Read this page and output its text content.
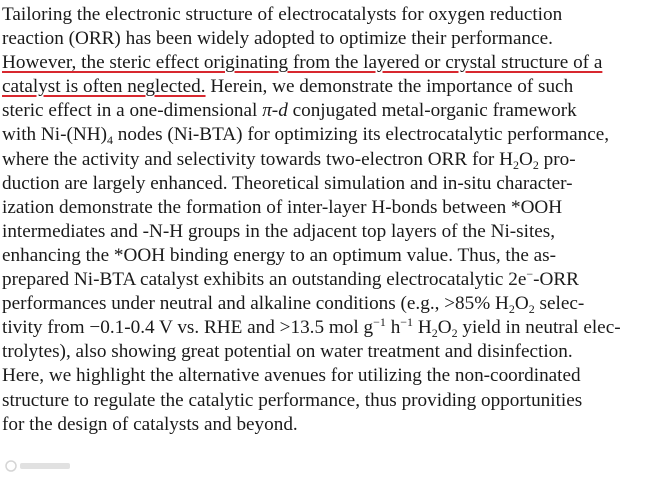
Tailoring the electronic structure of electrocatalysts for oxygen reduction
reaction (ORR) has been widely adopted to optimize their performance.
However, the steric effect originating from the layered or crystal structure of a
catalyst is often neglected. Herein, we demonstrate the importance of such
steric effect in a one-dimensional π-d conjugated metal-organic framework
with $Ni-(NH)_4$ nodes (Ni-BTA) for optimizing its electrocatalytic performance,
where the activity and selectivity towards two-electron ORR for $H_2O_2$ pro-
duction are largely enhanced. Theoretical simulation and in-situ character-
ization demonstrate the formation of inter-layer H-bonds between *OOH
intermediates and -N-H groups in the adjacent top layers of the Ni-sites,
enhancing the *OOH binding energy to an optimum value. Thus, the as-
prepared Ni-BTA catalyst exhibits an outstanding electrocatalytic 2e−-ORR
performances under neutral and alkaline conditions (e.g., >85% $H_2O_2$ selec-
tivity from −0.1-0.4 V vs. RHE and >13.5 mol $g^{-1}$ $h^{-1}$ $H_2O_2$ yield in neutral elec-
trolytes), also showing great potential on water treatment and disinfection.
Here, we highlight the alternative avenues for utilizing the non-coordinated
structure to regulate the catalytic performance, thus providing opportunities
for the design of catalysts and beyond.
